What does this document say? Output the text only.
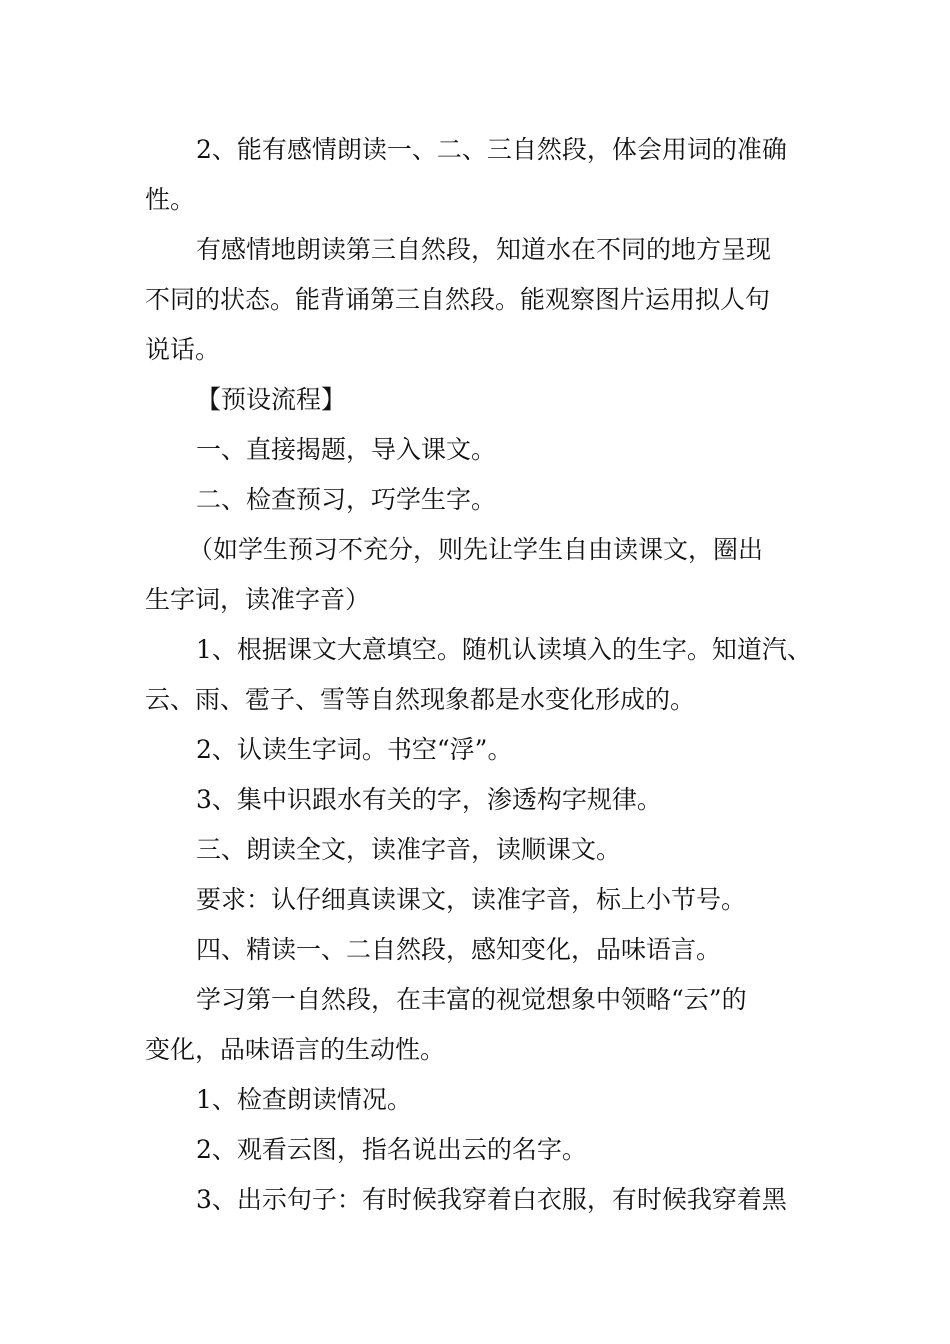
2、能有感情朗读一、二、三自然段，体会用词的准确
性。
有感情地朗读第三自然段，知道水在不同的地方呈现
不同的状态。能背诵第三自然段。能观察图片运用拟人句
说话。
【预设流程】
一、直接揭题，导入课文。
二、检查预习，巧学生字。
（如学生预习不充分，则先让学生自由读课文，圈出
生字词，读准字音）
1、根据课文大意填空。随机认读填入的生字。知道汽、
云、雨、雹子、雪等自然现象都是水变化形成的。
2、认读生字词。书空“浮”。
3、集中识跟水有关的字，渗透构字规律。
三、朗读全文，读准字音，读顺课文。
要求：认仔细真读课文，读准字音，标上小节号。
四、精读一、二自然段，感知变化，品味语言。
学习第一自然段，在丰富的视觉想象中领略“云”的
变化，品味语言的生动性。
1、检查朗读情况。
2、观看云图，指名说出云的名字。
3、出示句子：有时候我穿着白衣服，有时候我穿着黑
